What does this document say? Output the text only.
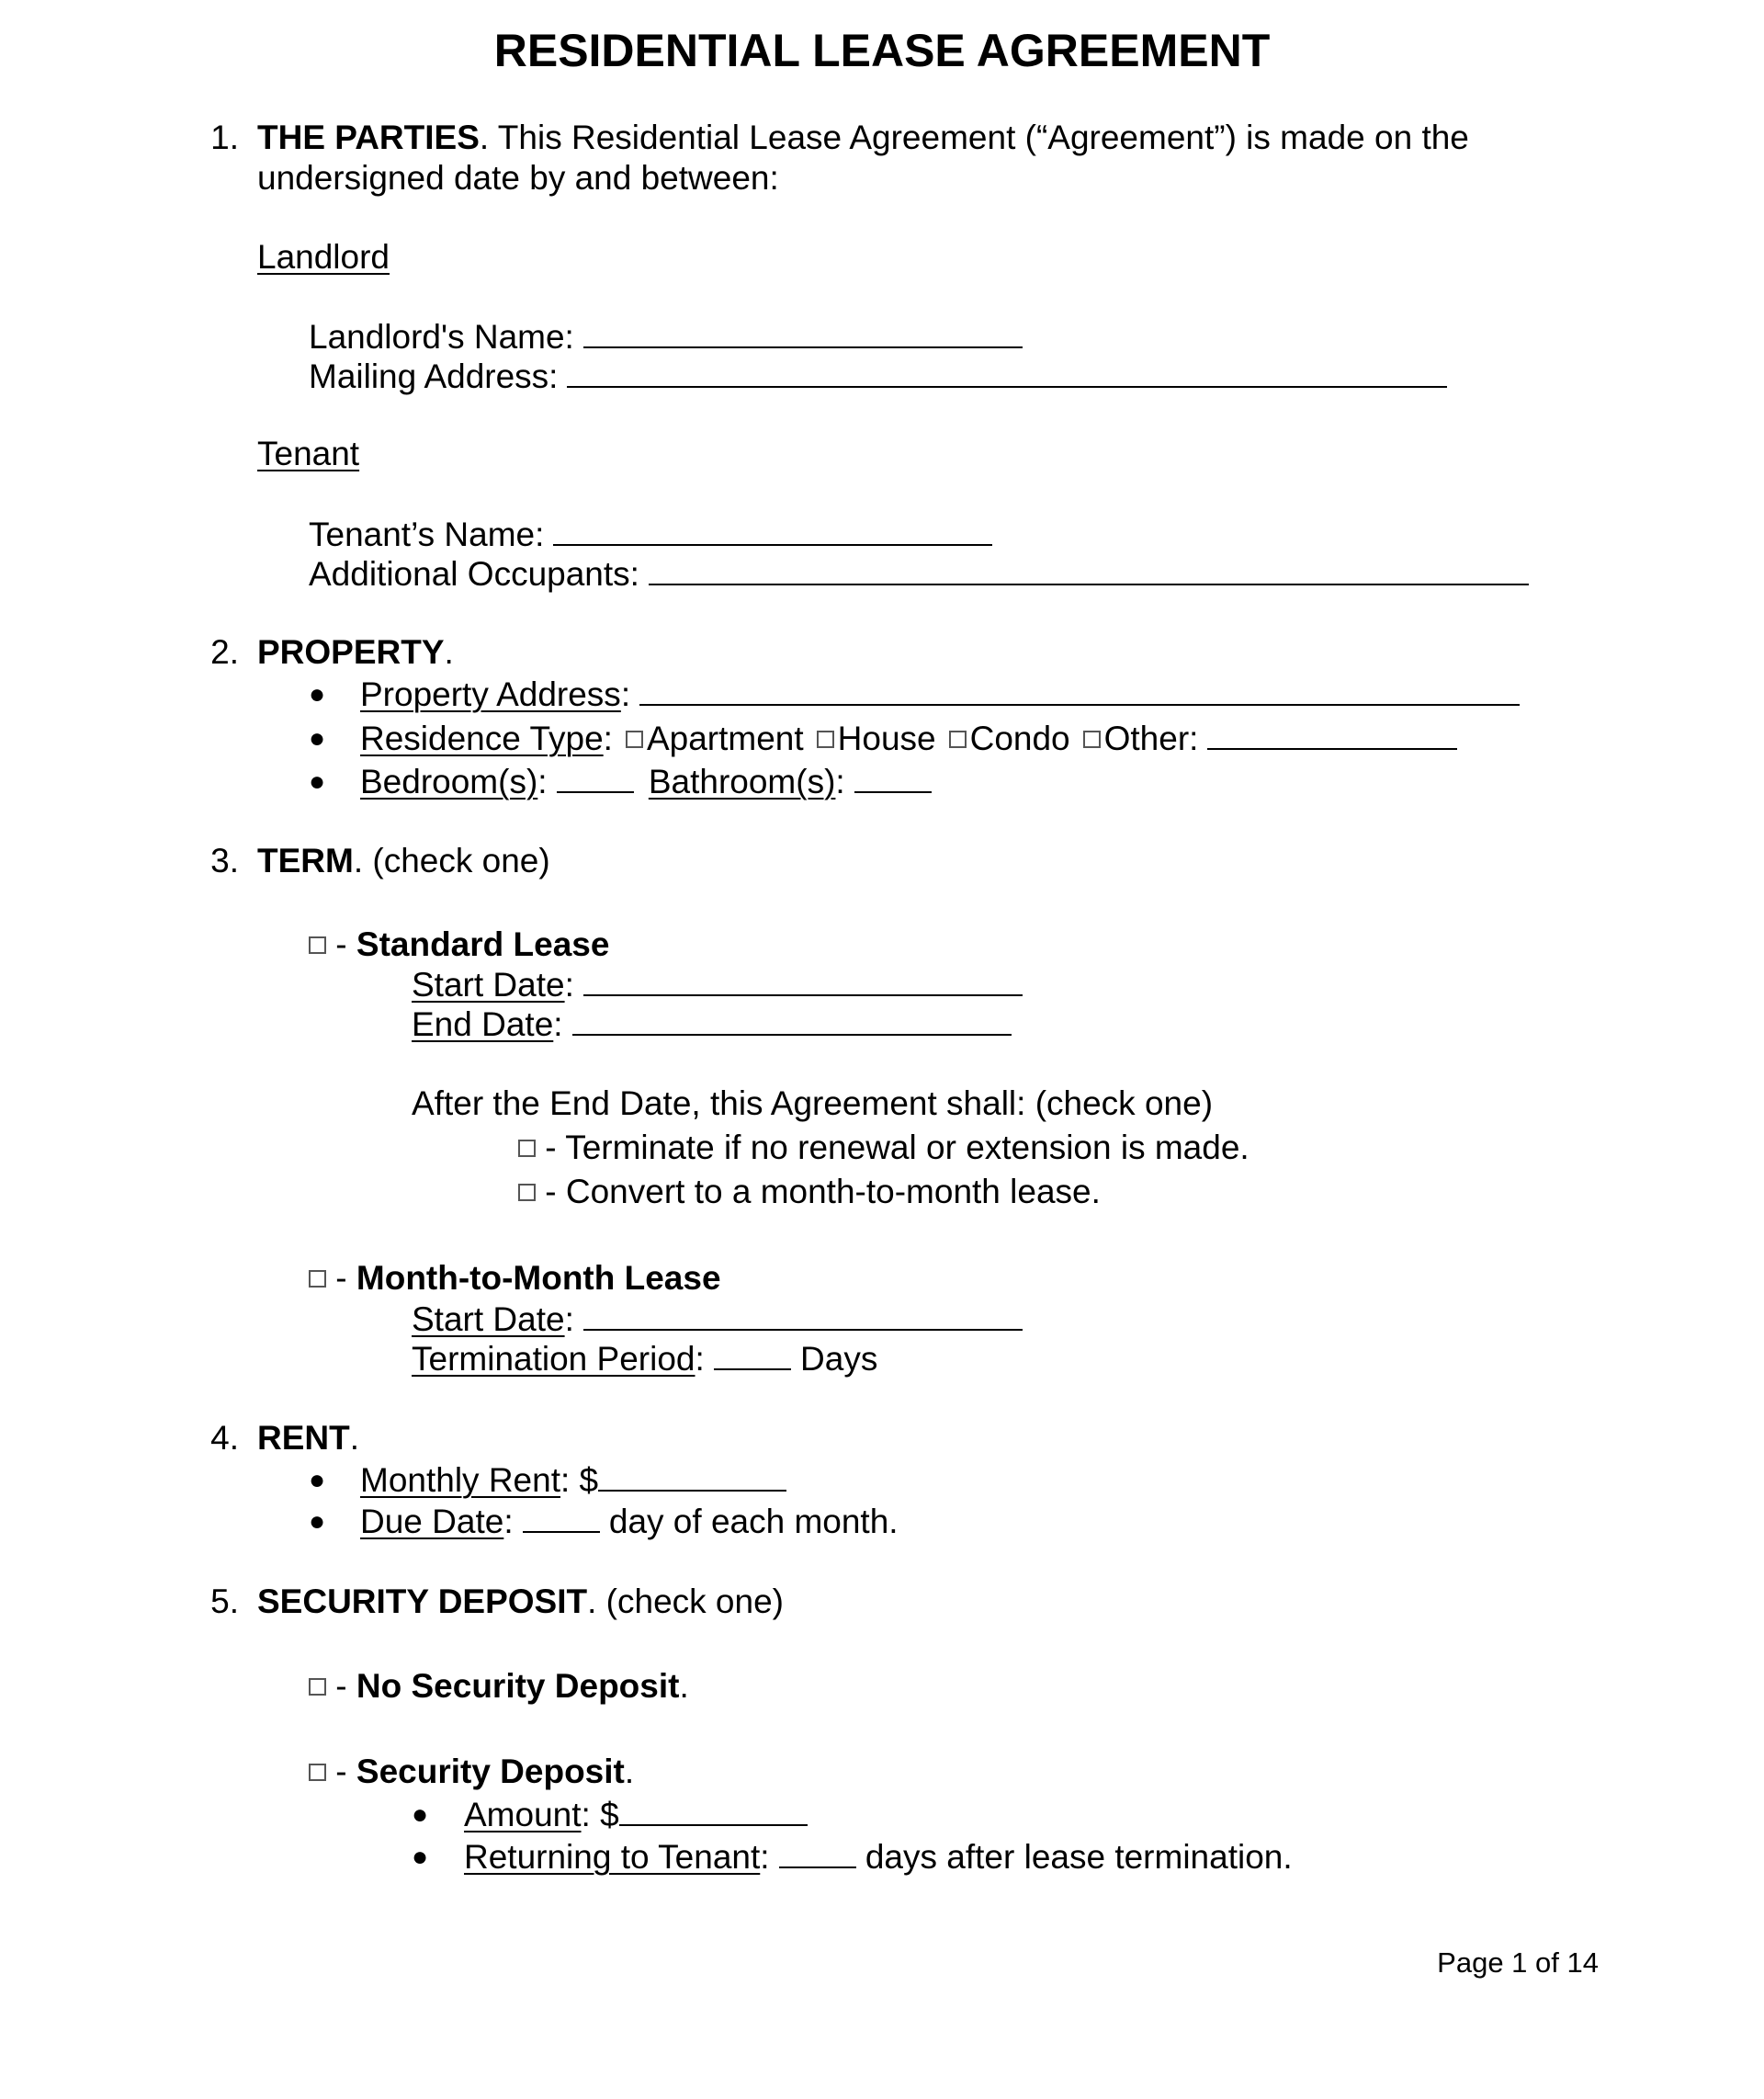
RESIDENTIAL LEASE AGREEMENT
1. THE PARTIES. This Residential Lease Agreement (“Agreement”) is made on the
undersigned date by and between:
Landlord
Landlord's Name:
Mailing Address:
Tenant
Tenant’s Name:
Additional Occupants:
2. PROPERTY.
● Property Address:
● Residence Type: Apartment House Condo Other:
● Bedroom(s):	Bathroom(s):
3. TERM. (check one)
- Standard Lease
Start Date:
End Date:
After the End Date, this Agreement shall: (check one)
- Terminate if no renewal or extension is made.
- Convert to a month-to-month lease.
- Month-to-Month Lease
Start Date:
Termination Period:	Days
4. RENT.
● Monthly Rent: $
● Due Date:	day of each month.
5. SECURITY DEPOSIT. (check one)
- No Security Deposit.
- Security Deposit.
● Amount: $
● Returning to Tenant:	days after lease termination.
Page 1 of 14
